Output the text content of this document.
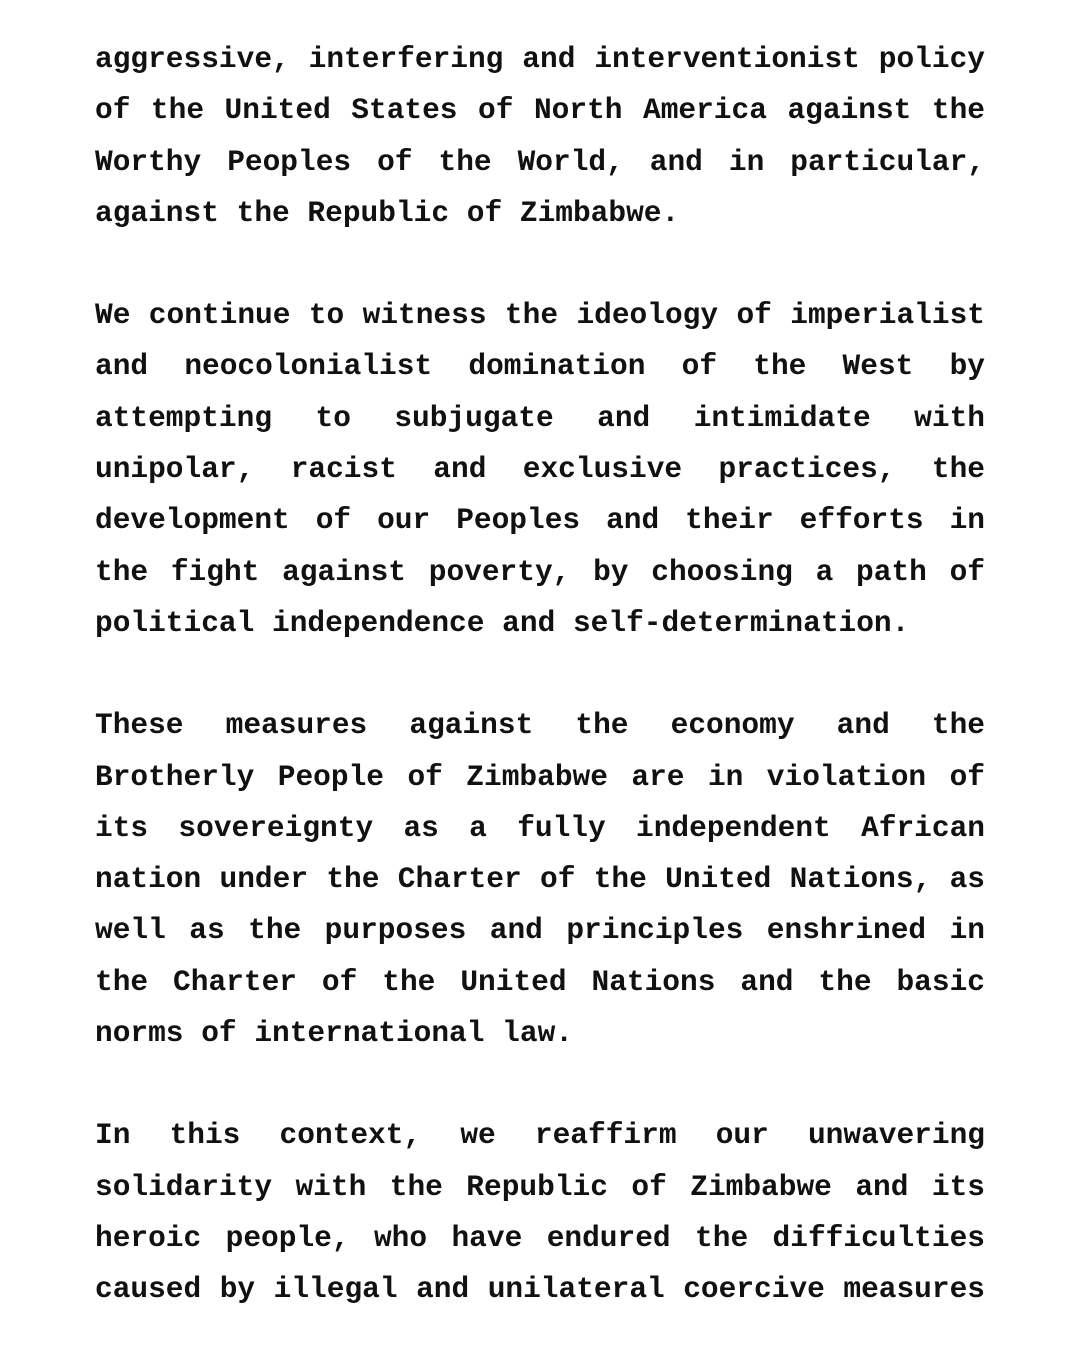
aggressive, interfering and interventionist policy
of the United States of North America against the
Worthy Peoples of the World, and in particular,
against the Republic of Zimbabwe.
We continue to witness the ideology of imperialist
and neocolonialist domination of the West by
attempting to subjugate and intimidate with
unipolar, racist and exclusive practices, the
development of our Peoples and their efforts in
the fight against poverty, by choosing a path of
political independence and self-determination.
These measures against the economy and the
Brotherly People of Zimbabwe are in violation of
its sovereignty as a fully independent African
nation under the Charter of the United Nations, as
well as the purposes and principles enshrined in
the Charter of the United Nations and the basic
norms of international law.
In this context, we reaffirm our unwavering
solidarity with the Republic of Zimbabwe and its
heroic people, who have endured the difficulties
caused by illegal and unilateral coercive measures
